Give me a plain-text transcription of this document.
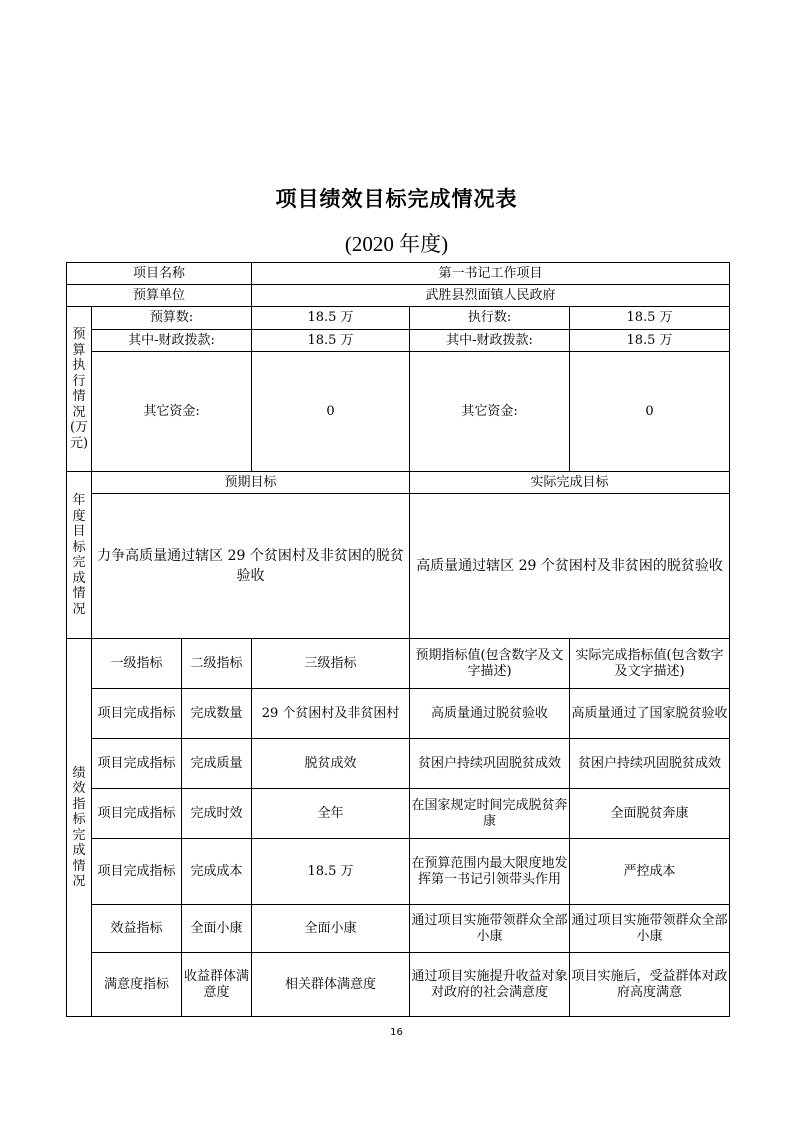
项目绩效目标完成情况表
(2020 年度)
项目名称			第一书记工作项目		
预算单位			武胜县烈面镇人民政府		
预算执行情况(万元)	预算数:		18.5 万	执行数:	18.5 万
	其中-财政拨款:		18.5 万	其中-财政拨款:	18.5 万
	其它资金:		0	其它资金:	0
年度目标完成情况	预期目标			实际完成目标	
	力争高质量通过辖区 29 个贫困村及非贫困的脱贫验收			高质量通过辖区 29 个贫困村及非贫困的脱贫验收	
绩效指标完成情况	一级指标	二级指标	三级指标	预期指标值(包含数字及文字描述)	实际完成指标值(包含数字及文字描述)
	项目完成指标	完成数量	29 个贫困村及非贫困村	高质量通过脱贫验收	高质量通过了国家脱贫验收
	项目完成指标	完成质量	脱贫成效	贫困户持续巩固脱贫成效	贫困户持续巩固脱贫成效
	项目完成指标	完成时效	全年	在国家规定时间完成脱贫奔康	全面脱贫奔康
	项目完成指标	完成成本	18.5 万	在预算范围内最大限度地发挥第一书记引领带头作用	严控成本
	效益指标	全面小康	全面小康	通过项目实施带领群众全部小康	通过项目实施带领群众全部小康
	满意度指标	收益群体满意度	相关群体满意度	通过项目实施提升收益对象对政府的社会满意度	项目实施后，受益群体对政府高度满意
16
